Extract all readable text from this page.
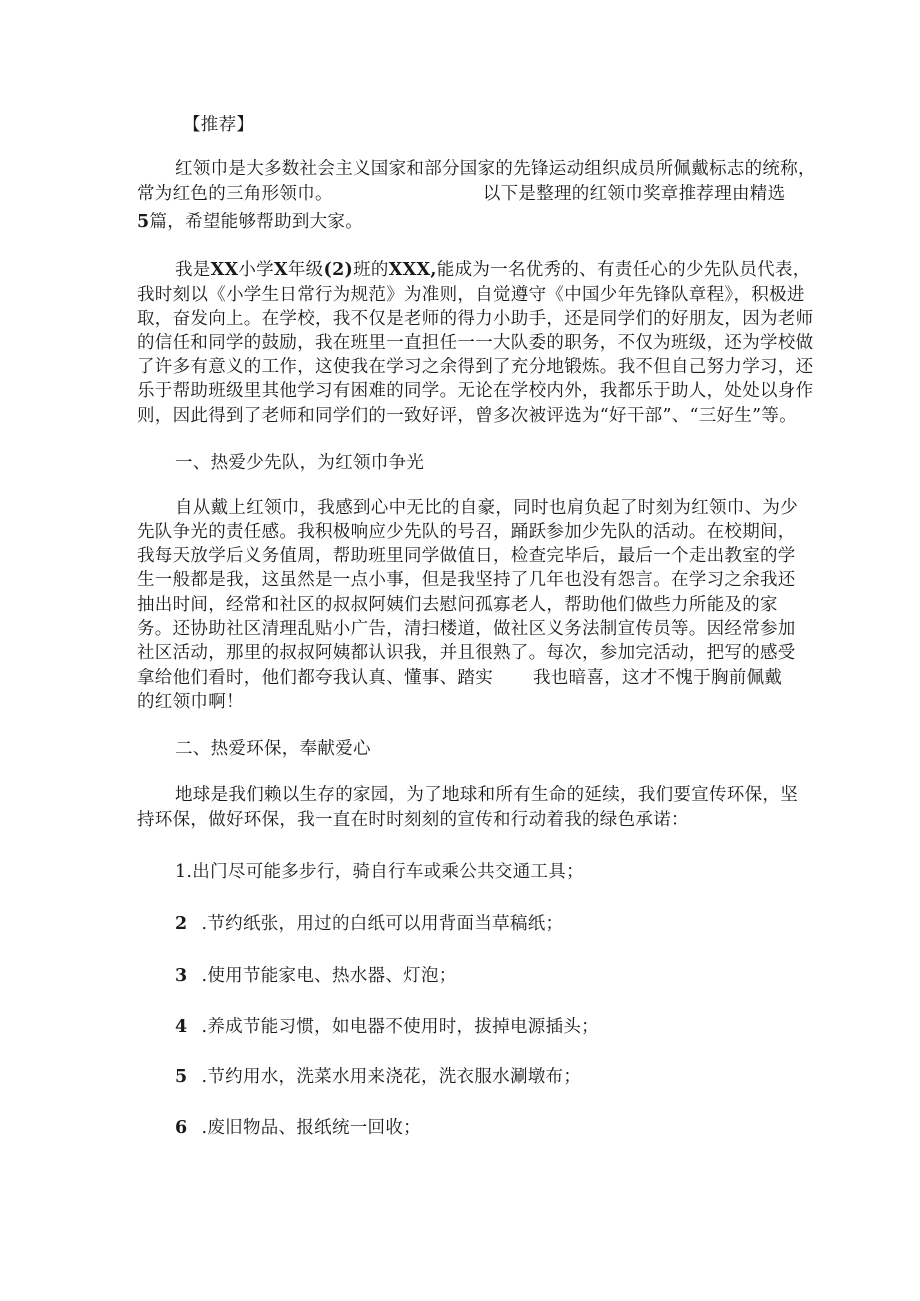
【推荐】

红领巾是大多数社会主义国家和部分国家的先锋运动组织成员所佩戴标志的统称，

常为红色的三角形领巾。	以下是整理的红领巾奖章推荐理由精选

5篇，希望能够帮助到大家。

我是XX小学X年级(2)班的XXX,能成为一名优秀的、有责任心的少先队员代表，

我时刻以《小学生日常行为规范》为准则，自觉遵守《中国少年先锋队章程》，积极进

取，奋发向上。在学校，我不仅是老师的得力小助手，还是同学们的好朋友，因为老师

的信任和同学的鼓励，我在班里一直担任一一大队委的职务，不仅为班级，还为学校做

了许多有意义的工作，这使我在学习之余得到了充分地锻炼。我不但自己努力学习，还

乐于帮助班级里其他学习有困难的同学。无论在学校内外，我都乐于助人，处处以身作

则，因此得到了老师和同学们的一致好评，曾多次被评选为“好干部”、“三好生”等。

一、热爱少先队，为红领巾争光

自从戴上红领巾，我感到心中无比的自豪，同时也肩负起了时刻为红领巾、为少

先队争光的责任感。我积极响应少先队的号召，踊跃参加少先队的活动。在校期间，

我每天放学后义务值周，帮助班里同学做值日，检查完毕后，最后一个走出教室的学

生一般都是我，这虽然是一点小事，但是我坚持了几年也没有怨言。在学习之余我还

抽出时间，经常和社区的叔叔阿姨们去慰问孤寡老人，帮助他们做些力所能及的家

务。还协助社区清理乱贴小广告，清扫楼道，做社区义务法制宣传员等。因经常参加

社区活动，那里的叔叔阿姨都认识我，并且很熟了。每次，参加完活动，把写的感受

拿给他们看时，他们都夸我认真、懂事、踏实 我也暗喜，这才不愧于胸前佩戴

的红领巾啊！

二、热爱环保，奉献爱心

地球是我们赖以生存的家园，为了地球和所有生命的延续，我们要宣传环保，坚

持环保，做好环保，我一直在时时刻刻的宣传和行动着我的绿色承诺：

1.出门尽可能多步行，骑自行车或乘公共交通工具；

2 .节约纸张，用过的白纸可以用背面当草稿纸；

3 .使用节能家电、热水器、灯泡；

4 .养成节能习惯，如电器不使用时，拔掉电源插头；

5 .节约用水，洗菜水用来浇花，洗衣服水涮墩布；

6 .废旧物品、报纸统一回收；
